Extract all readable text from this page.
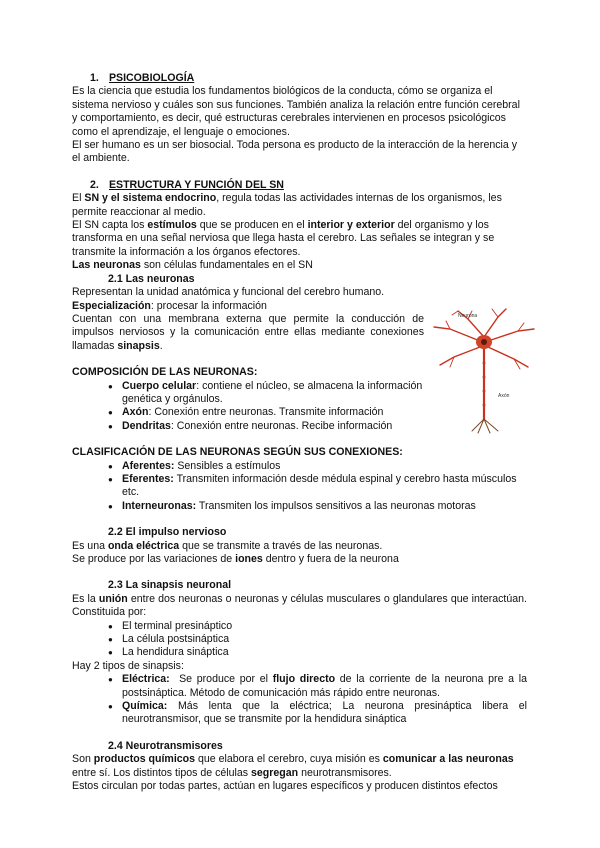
1. PSICOBIOLOGÍA

Es la ciencia que estudia los fundamentos biológicos de la conducta, cómo se organiza el sistema nervioso y cuáles son sus funciones. También analiza la relación entre función cerebral y comportamiento, es decir, qué estructuras cerebrales intervienen en procesos psicológicos como el aprendizaje, el lenguaje o emociones.

El ser humano es un ser biosocial. Toda persona es producto de la interacción de la herencia y el ambiente.

2. ESTRUCTURA Y FUNCIÓN DEL SN

El SN y el sistema endocrino, regula todas las actividades internas de los organismos, les permite reaccionar al medio.

El SN capta los estímulos que se producen en el interior y exterior del organismo y los transforma en una señal nerviosa que llega hasta el cerebro. Las señales se integran y se transmite la información a los órganos efectores.

Las neuronas son células fundamentales en el SN

2.1 Las neuronas

Representan la unidad anatómica y funcional del cerebro humano.

Especialización: procesar la información

Cuentan con una membrana externa que permite la conducción de impulsos nerviosos y la comunicación entre ellas mediante conexiones llamadas sinapsis.

COMPOSICIÓN DE LAS NEURONAS:
● Cuerpo celular: contiene el núcleo, se almacena la información genética y orgánulos.
● Axón: Conexión entre neuronas. Transmite información
● Dendritas: Conexión entre neuronas. Recibe información
CLASIFICACIÓN DE LAS NEURONAS SEGÚN SUS CONEXIONES:
● Aferentes: Sensibles a estímulos
● Eferentes: Transmiten información desde médula espinal y cerebro hasta músculos etc.
● Interneuronas: Transmiten los impulsos sensitivos a las neuronas motoras
2.2 El impulso nervioso

Es una onda eléctrica que se transmite a través de las neuronas.

Se produce por las variaciones de iones dentro y fuera de la neurona

2.3 La sinapsis neuronal

Es la unión entre dos neuronas o neuronas y células musculares o glandulares que interactúan. Constituida por:

● El terminal presináptico
● La célula postsináptica
● La hendidura sináptica

Hay 2 tipos de sinapsis:

● Eléctrica:  Se produce por el flujo directo de la corriente de la neurona pre a la postsináptica. Método de comunicación más rápido entre neuronas.
● Química: Más lenta que la eléctrica; La neurona presináptica libera el neurotransmisor, que se transmite por la hendidura sináptica
2.4 Neurotransmisores

Son productos químicos que elabora el cerebro, cuya misión es comunicar a las neuronas entre sí. Los distintos tipos de células segregan neurotransmisores.

Estos circulan por todas partes, actúan en lugares específicos y producen distintos efectos

Neurona
Axón
